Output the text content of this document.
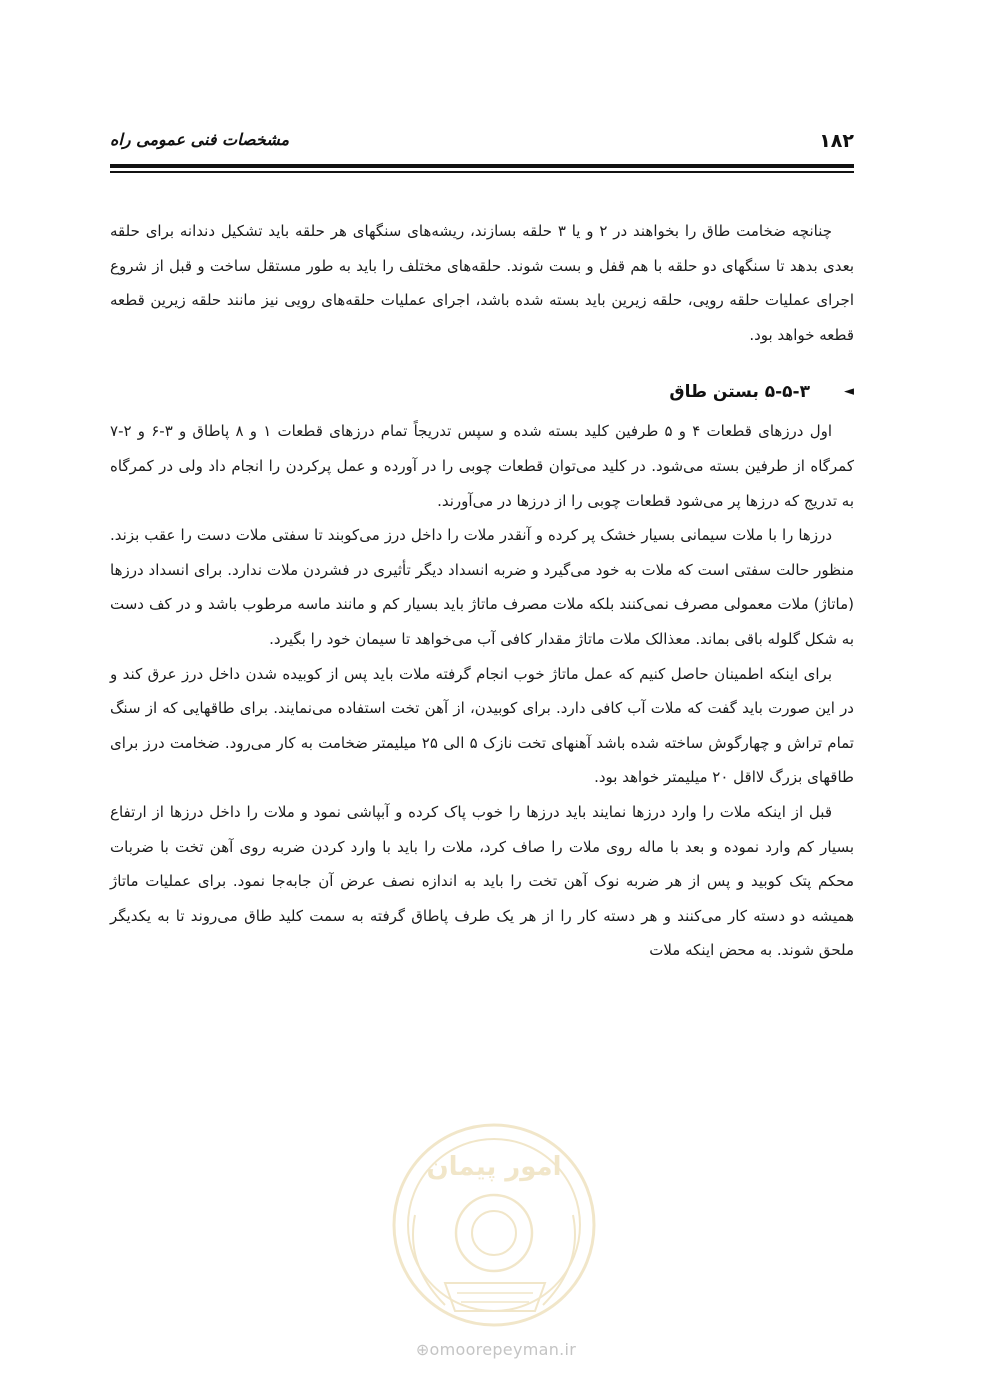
۱۸۲
مشخصات فنی عمومی راه

چنانچه ضخامت طاق را بخواهند در ۲ و یا ۳ حلقه بسازند، ریشه‌های سنگهای هر حلقه باید تشکیل دندانه برای حلقه بعدی بدهد تا سنگهای دو حلقه با هم قفل و بست شوند. حلقه‌های مختلف را باید به طور مستقل ساخت و قبل از شروع اجرای عملیات حلقه رویی، حلقه زیرین باید بسته شده باشد، اجرای عملیات حلقه‌های رویی نیز مانند حلقه زیرین قطعه قطعه خواهد بود.

◄
۵-۵-۳ بستن طاق

اول درزهای قطعات ۴ و ۵ طرفین کلید بسته شده و سپس تدریجاً تمام درزهای قطعات ۱ و ۸ پاطاق و ۳-۶ و ۲-۷ کمرگاه از طرفین بسته می‌شود. در کلید می‌توان قطعات چوبی را در آورده و عمل پرکردن را انجام داد ولی در کمرگاه به تدریج که درزها پر می‌شود قطعات چوبی را از درزها در می‌آورند.

درزها را با ملات سیمانی بسیار خشک پر کرده و آنقدر ملات را داخل درز می‌کوبند تا سفتی ملات دست را عقب بزند. منظور حالت سفتی است که ملات به خود می‌گیرد و ضربه انسداد دیگر تأثیری در فشردن ملات ندارد. برای انسداد درزها (ماتاژ) ملات معمولی مصرف نمی‌کنند بلکه ملات مصرف ماتاژ باید بسیار کم و مانند ماسه مرطوب باشد و در کف دست به شکل گلوله باقی بماند. معذالک ملات ماتاژ مقدار کافی آب می‌خواهد تا سیمان خود را بگیرد.

برای اینکه اطمینان حاصل کنیم که عمل ماتاژ خوب انجام گرفته ملات باید پس از کوبیده شدن داخل درز عرق کند و در این صورت باید گفت که ملات آب کافی دارد. برای کوبیدن، از آهن تخت استفاده می‌نمایند. برای طاقهایی که از سنگ تمام تراش و چهارگوش ساخته شده باشد آهنهای تخت نازک ۵ الی ۲۵ میلیمتر ضخامت به کار می‌رود. ضخامت درز برای طاقهای بزرگ لااقل ۲۰ میلیمتر خواهد بود.

قبل از اینکه ملات را وارد درزها نمایند باید درزها را خوب پاک کرده و آبپاشی نمود و ملات را داخل درزها از ارتفاع بسیار کم وارد نموده و بعد با ماله روی ملات را صاف کرد، ملات را باید با وارد کردن ضربه روی آهن تخت با ضربات محکم پتک کوبید و پس از هر ضربه نوک آهن تخت را باید به اندازه نصف عرض آن جابه‌جا نمود. برای عملیات ماتاژ همیشه دو دسته کار می‌کنند و هر دسته کار را از هر یک طرف پاطاق گرفته به سمت کلید طاق می‌روند تا به یکدیگر ملحق شوند. به محض اینکه ملات

امور پیمان
⊕omoorepeyman.ir
